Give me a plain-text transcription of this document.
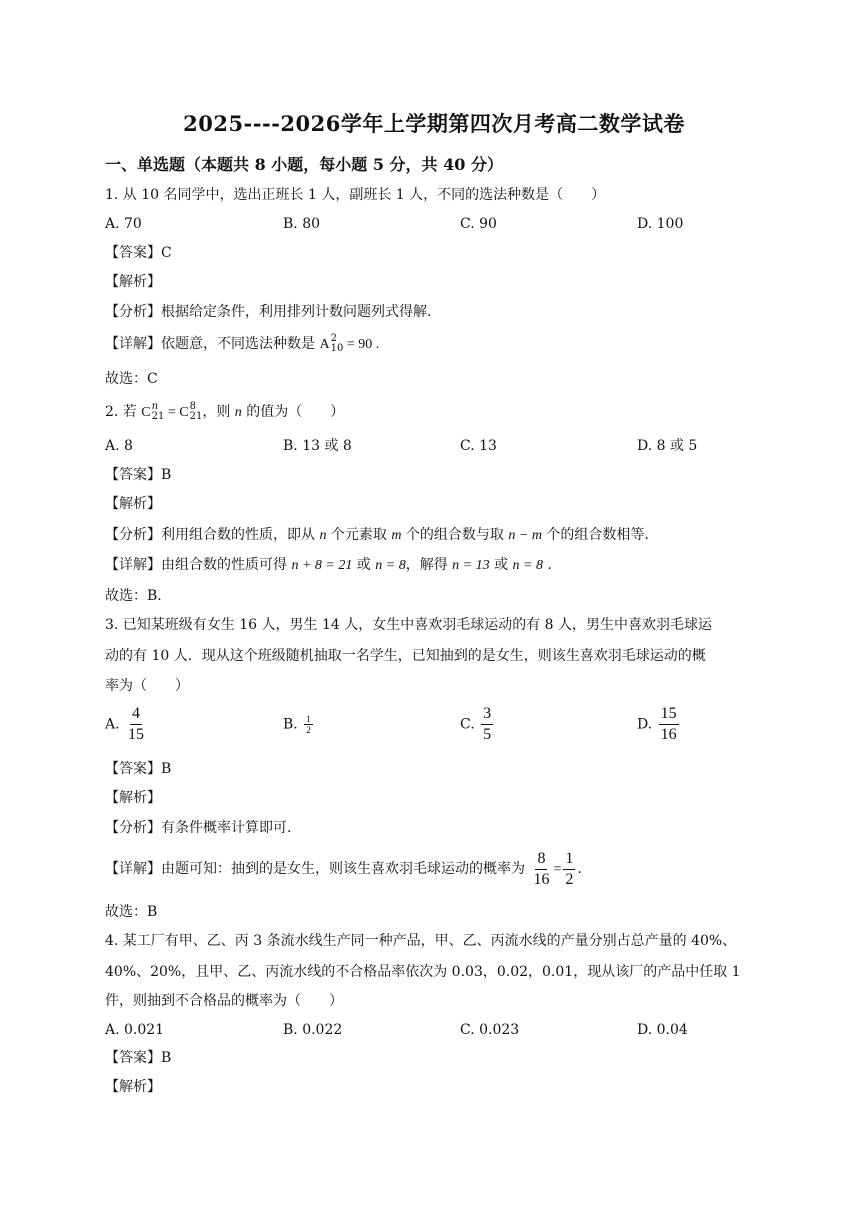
2025----2026学年上学期第四次月考高二数学试卷
一、单选题（本题共 8 小题，每小题 5 分，共 40 分）
1. 从 10 名同学中，选出正班长 1 人，副班长 1 人，不同的选法种数是（　　）
A. 70	B. 80	C. 90	D. 100
【答案】C
【解析】
【分析】根据给定条件，利用排列计数问题列式得解.
【详解】依题意，不同选法种数是 A 2
10 = 90 .
故选：C
2. 若 C n
21 = C 8
21 ，则 n 的值为（　　）
A. 8	B. 13 或 8	C. 13	D. 8 或 5
【答案】B
【解析】
【分析】利用组合数的性质，即从 n 个元素取 m 个的组合数与取 n − m 个的组合数相等.
【详解】由组合数的性质可得 n + 8 = 21 或 n = 8，解得 n = 13 或 n = 8 .
故选：B.
3. 已知某班级有女生 16 人，男生 14 人，女生中喜欢羽毛球运动的有 8 人，男生中喜欢羽毛球运
动的有 10 人．现从这个班级随机抽取一名学生，已知抽到的是女生，则该生喜欢羽毛球运动的概
率为（　　）
A. $\frac{4}{15}$	B. $\frac{1}{2}$	C. $\frac{3}{5}$	D. $\frac{15}{16}$
【答案】B
【解析】
【分析】有条件概率计算即可.
【详解】由题可知：抽到的是女生，则该生喜欢羽毛球运动的概率为 $\frac{8}{16} = \frac{1}{2}$ .
故选：B
4. 某工厂有甲、乙、丙 3 条流水线生产同一种产品，甲、乙、丙流水线的产量分别占总产量的 40%、
40%、20%，且甲、乙、丙流水线的不合格品率依次为 0.03，0.02，0.01，现从该厂的产品中任取 1
件，则抽到不合格品的概率为（　　）
A. 0.021	B. 0.022	C. 0.023	D. 0.04
【答案】B
【解析】
